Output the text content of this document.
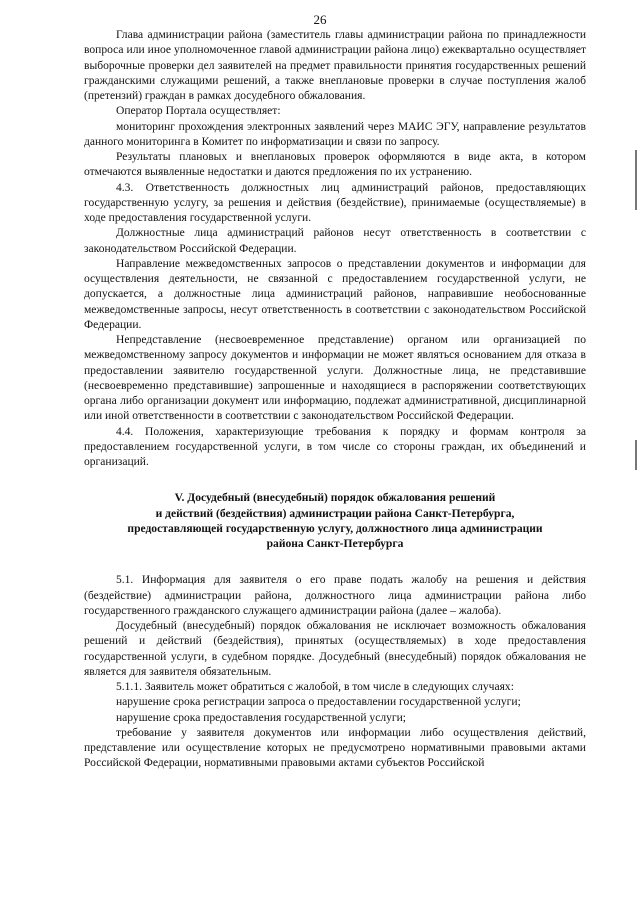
26

Глава администрации района (заместитель главы администрации района по принадлежности вопроса или иное уполномоченное главой администрации района лицо) ежеквартально осуществляет выборочные проверки дел заявителей на предмет правильности принятия государственных решений гражданскими служащими решений, а также внеплановые проверки в случае поступления жалоб (претензий) граждан в рамках досудебного обжалования.

Оператор Портала осуществляет:

мониторинг прохождения электронных заявлений через МАИС ЭГУ, направление результатов данного мониторинга в Комитет по информатизации и связи по запросу.

Результаты плановых и внеплановых проверок оформляются в виде акта, в котором отмечаются выявленные недостатки и даются предложения по их устранению.

4.3. Ответственность должностных лиц администраций районов, предоставляющих государственную услугу, за решения и действия (бездействие), принимаемые (осуществляемые) в ходе предоставления государственной услуги.

Должностные лица администраций районов несут ответственность в соответствии с законодательством Российской Федерации.

Направление межведомственных запросов о представлении документов и информации для осуществления деятельности, не связанной с предоставлением государственной услуги, не допускается, а должностные лица администраций районов, направившие необоснованные межведомственные запросы, несут ответственность в соответствии с законодательством Российской Федерации.

Непредставление (несвоевременное представление) органом или организацией по межведомственному запросу документов и информации не может являться основанием для отказа в предоставлении заявителю государственной услуги. Должностные лица, не представившие (несвоевременно представившие) запрошенные и находящиеся в распоряжении соответствующих органа либо организации документ или информацию, подлежат административной, дисциплинарной или иной ответственности в соответствии с законодательством Российской Федерации.

4.4. Положения, характеризующие требования к порядку и формам контроля за предоставлением государственной услуги, в том числе со стороны граждан, их объединений и организаций.

V. Досудебный (внесудебный) порядок обжалования решений
и действий (бездействия) администрации района Санкт-Петербурга,
предоставляющей государственную услугу, должностного лица администрации
района Санкт-Петербурга

5.1. Информация для заявителя о его праве подать жалобу на решения и действия (бездействие) администрации района, должностного лица администрации района либо государственного гражданского служащего администрации района (далее – жалоба).

Досудебный (внесудебный) порядок обжалования не исключает возможность обжалования решений и действий (бездействия), принятых (осуществляемых) в ходе предоставления государственной услуги, в судебном порядке. Досудебный (внесудебный) порядок обжалования не является для заявителя обязательным.

5.1.1. Заявитель может обратиться с жалобой, в том числе в следующих случаях:

нарушение срока регистрации запроса о предоставлении государственной услуги;

нарушение срока предоставления государственной услуги;

требование у заявителя документов или информации либо осуществления действий, представление или осуществление которых не предусмотрено нормативными правовыми актами Российской Федерации, нормативными правовыми актами субъектов Российской
